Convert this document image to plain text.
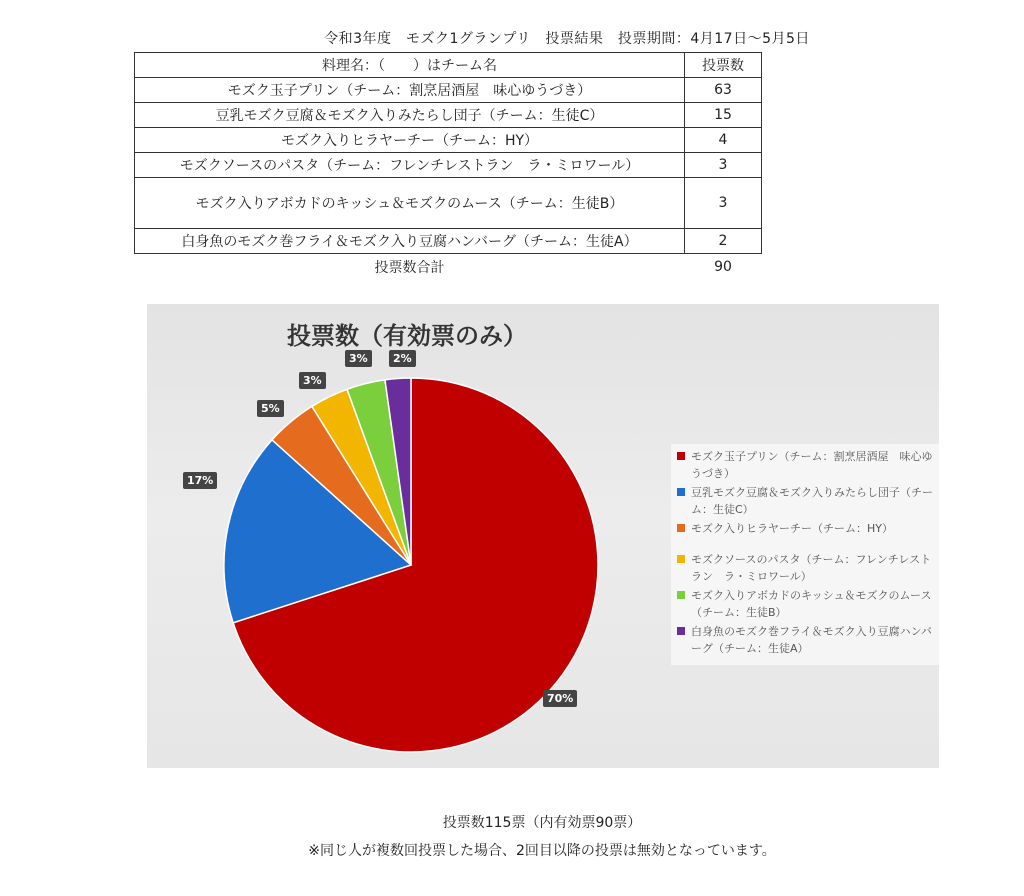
令和3年度　モズク1グランプリ　投票結果　投票期間：4月17日〜5月5日
料理名：（　　）はチーム名	投票数
モズク玉子プリン（チーム：割烹居酒屋　味心ゆうづき）	63
豆乳モズク豆腐＆モズク入りみたらし団子（チーム：生徒C）	15
モズク入りヒラヤーチー（チーム：HY）	4
モズクソースのパスタ（チーム：フレンチレストラン　ラ・ミロワール）	3
モズク入りアボカドのキッシュ＆モズクのムース（チーム：生徒B）	3
白身魚のモズク巻フライ＆モズク入り豆腐ハンバーグ（チーム：生徒A）	2
投票数合計	90
投票数（有効票のみ）
70%
17%
5%
3%
3%	2%
モズク玉子プリン（チーム：割烹居酒屋　味心ゆうづき）
豆乳モズク豆腐＆モズク入りみたらし団子（チーム：生徒C）
モズク入りヒラヤーチー（チーム：HY）
モズクソースのパスタ（チーム：フレンチレストラン　ラ・ミロワール）
モズク入りアボカドのキッシュ＆モズクのムース（チーム：生徒B）
白身魚のモズク巻フライ＆モズク入り豆腐ハンバーグ（チーム：生徒A）
投票数115票（内有効票90票）
※同じ人が複数回投票した場合、2回目以降の投票は無効となっています。
